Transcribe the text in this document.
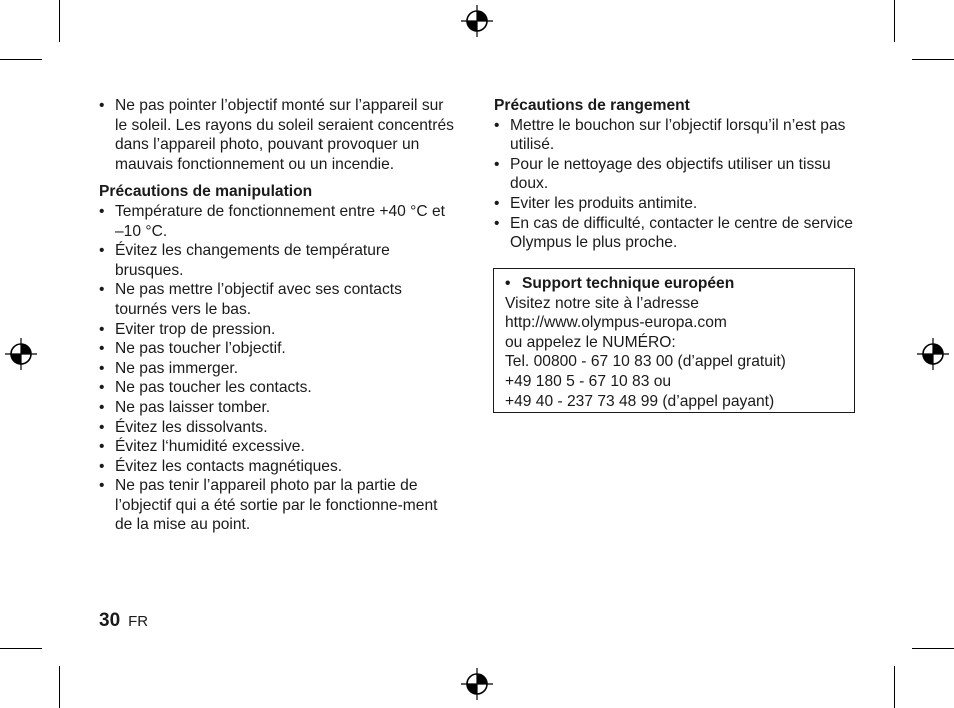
• Ne pas pointer l’objectif monté sur l’appareil sur le soleil. Les rayons du soleil seraient concentrés dans l’appareil photo, pouvant provoquer un mauvais fonctionnement ou un incendie.

Précautions de manipulation

• Température de fonctionnement entre +40 °C et –10 °C.
• Évitez les changements de température brusques.
• Ne pas mettre l’objectif avec ses contacts tournés vers le bas.
• Eviter trop de pression.
• Ne pas toucher l’objectif.
• Ne pas immerger.
• Ne pas toucher les contacts.
• Ne pas laisser tomber.
• Évitez les dissolvants.
• Évitez l‘humidité excessive.
• Évitez les contacts magnétiques.
• Ne pas tenir l’appareil photo par la partie de l’objectif qui a été sortie par le fonctionne-ment de la mise au point.

Précautions de rangement

• Mettre le bouchon sur l’objectif lorsqu’il n’est pas utilisé.
• Pour le nettoyage des objectifs utiliser un tissu doux.
• Eviter les produits antimite.
• En cas de difficulté, contacter le centre de service Olympus le plus proche.
• Support technique européen
Visitez notre site à l’adresse
http://www.olympus-europa.com
ou appelez le NUMÉRO:
Tel. 00800 - 67 10 83 00 (d’appel gratuit)
+49 180 5 - 67 10 83 ou
+49 40 - 237 73 48 99 (d’appel payant)
30 FR
